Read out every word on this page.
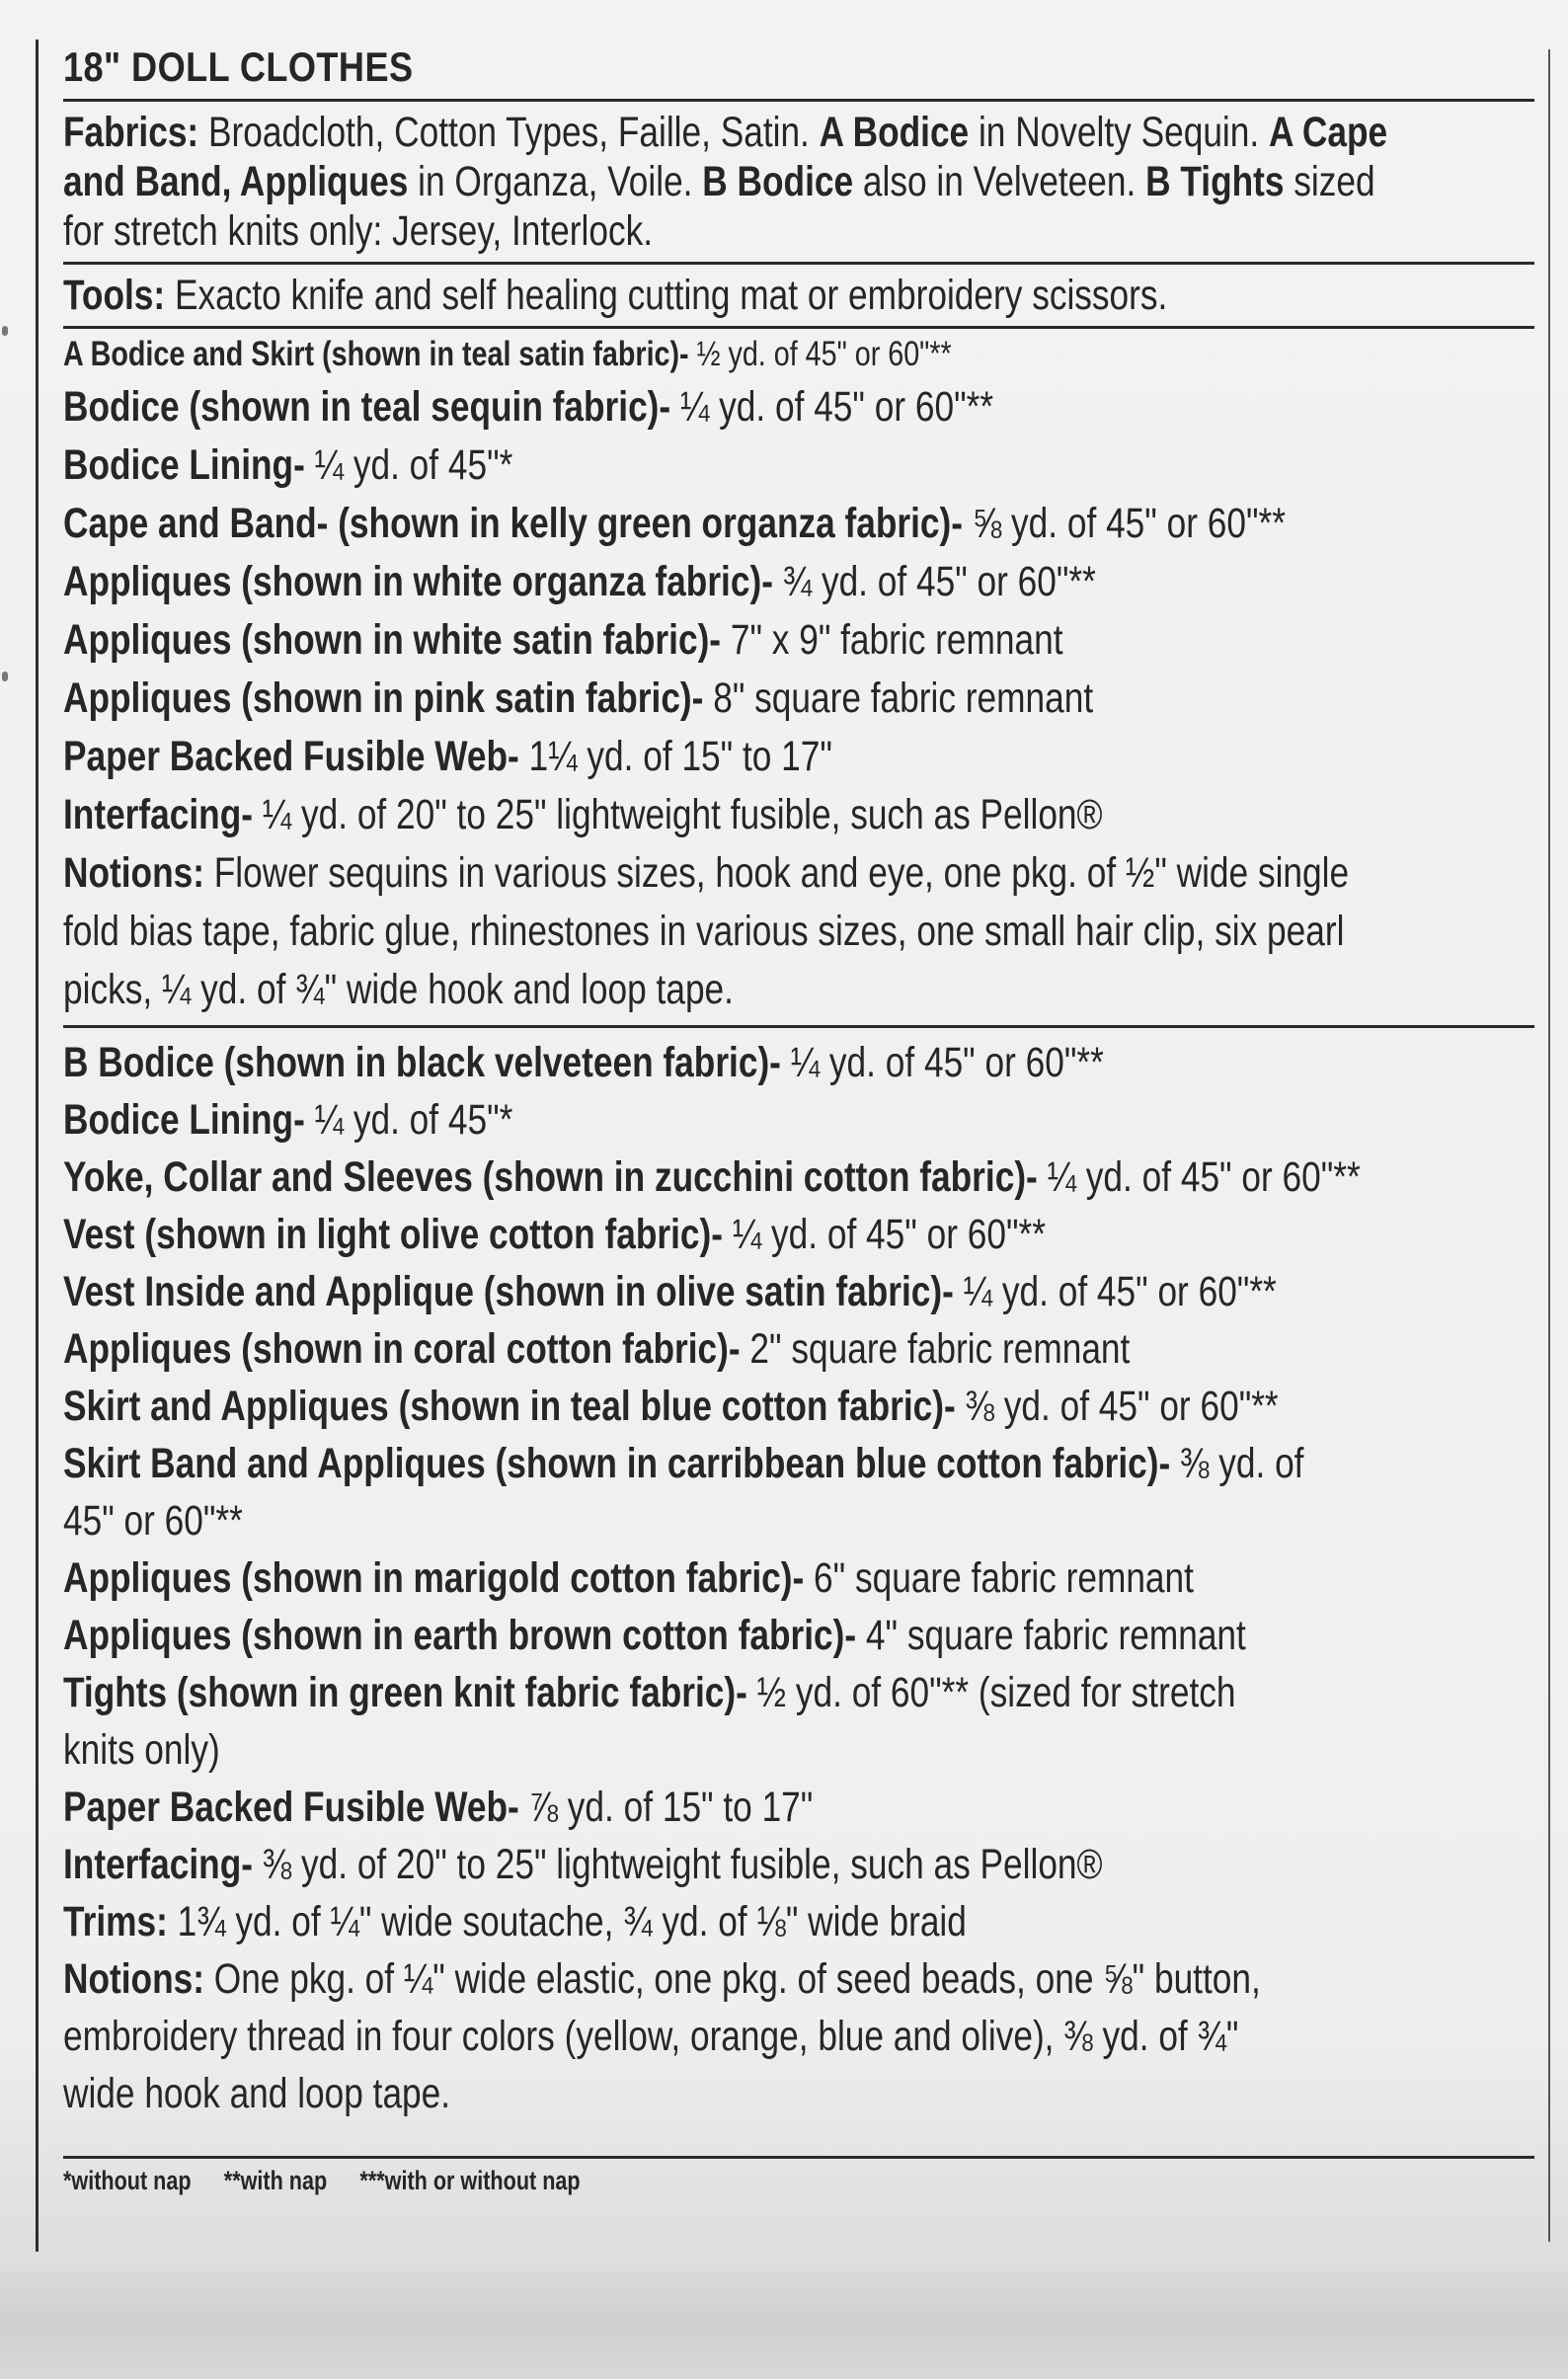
18" DOLL CLOTHES
Fabrics: Broadcloth, Cotton Types, Faille, Satin. A Bodice in Novelty Sequin. A Cape
and Band, Appliques in Organza, Voile. B Bodice also in Velveteen. B Tights sized
for stretch knits only: Jersey, Interlock.
Tools: Exacto knife and self healing cutting mat or embroidery scissors.
A Bodice and Skirt (shown in teal satin fabric)- ½ yd. of 45" or 60"**
Bodice (shown in teal sequin fabric)- ¼ yd. of 45" or 60"**
Bodice Lining- ¼ yd. of 45"*
Cape and Band- (shown in kelly green organza fabric)- ⅝ yd. of 45" or 60"**
Appliques (shown in white organza fabric)- ¾ yd. of 45" or 60"**
Appliques (shown in white satin fabric)- 7" x 9" fabric remnant
Appliques (shown in pink satin fabric)- 8" square fabric remnant
Paper Backed Fusible Web- 1¼ yd. of 15" to 17"
Interfacing- ¼ yd. of 20" to 25" lightweight fusible, such as Pellon®
Notions: Flower sequins in various sizes, hook and eye, one pkg. of ½" wide single
fold bias tape, fabric glue, rhinestones in various sizes, one small hair clip, six pearl
picks, ¼ yd. of ¾" wide hook and loop tape.
B Bodice (shown in black velveteen fabric)- ¼ yd. of 45" or 60"**
Bodice Lining- ¼ yd. of 45"*
Yoke, Collar and Sleeves (shown in zucchini cotton fabric)- ¼ yd. of 45" or 60"**
Vest (shown in light olive cotton fabric)- ¼ yd. of 45" or 60"**
Vest Inside and Applique (shown in olive satin fabric)- ¼ yd. of 45" or 60"**
Appliques (shown in coral cotton fabric)- 2" square fabric remnant
Skirt and Appliques (shown in teal blue cotton fabric)- ⅜ yd. of 45" or 60"**
Skirt Band and Appliques (shown in carribbean blue cotton fabric)- ⅜ yd. of
45" or 60"**
Appliques (shown in marigold cotton fabric)- 6" square fabric remnant
Appliques (shown in earth brown cotton fabric)- 4" square fabric remnant
Tights (shown in green knit fabric fabric)- ½ yd. of 60"** (sized for stretch
knits only)
Paper Backed Fusible Web- ⅞ yd. of 15" to 17"
Interfacing- ⅜ yd. of 20" to 25" lightweight fusible, such as Pellon®
Trims: 1¾ yd. of ¼" wide soutache, ¾ yd. of ⅛" wide braid
Notions: One pkg. of ¼" wide elastic, one pkg. of seed beads, one ⅝" button,
embroidery thread in four colors (yellow, orange, blue and olive), ⅜ yd. of ¾"
wide hook and loop tape.
*without nap **with nap ***with or without nap
